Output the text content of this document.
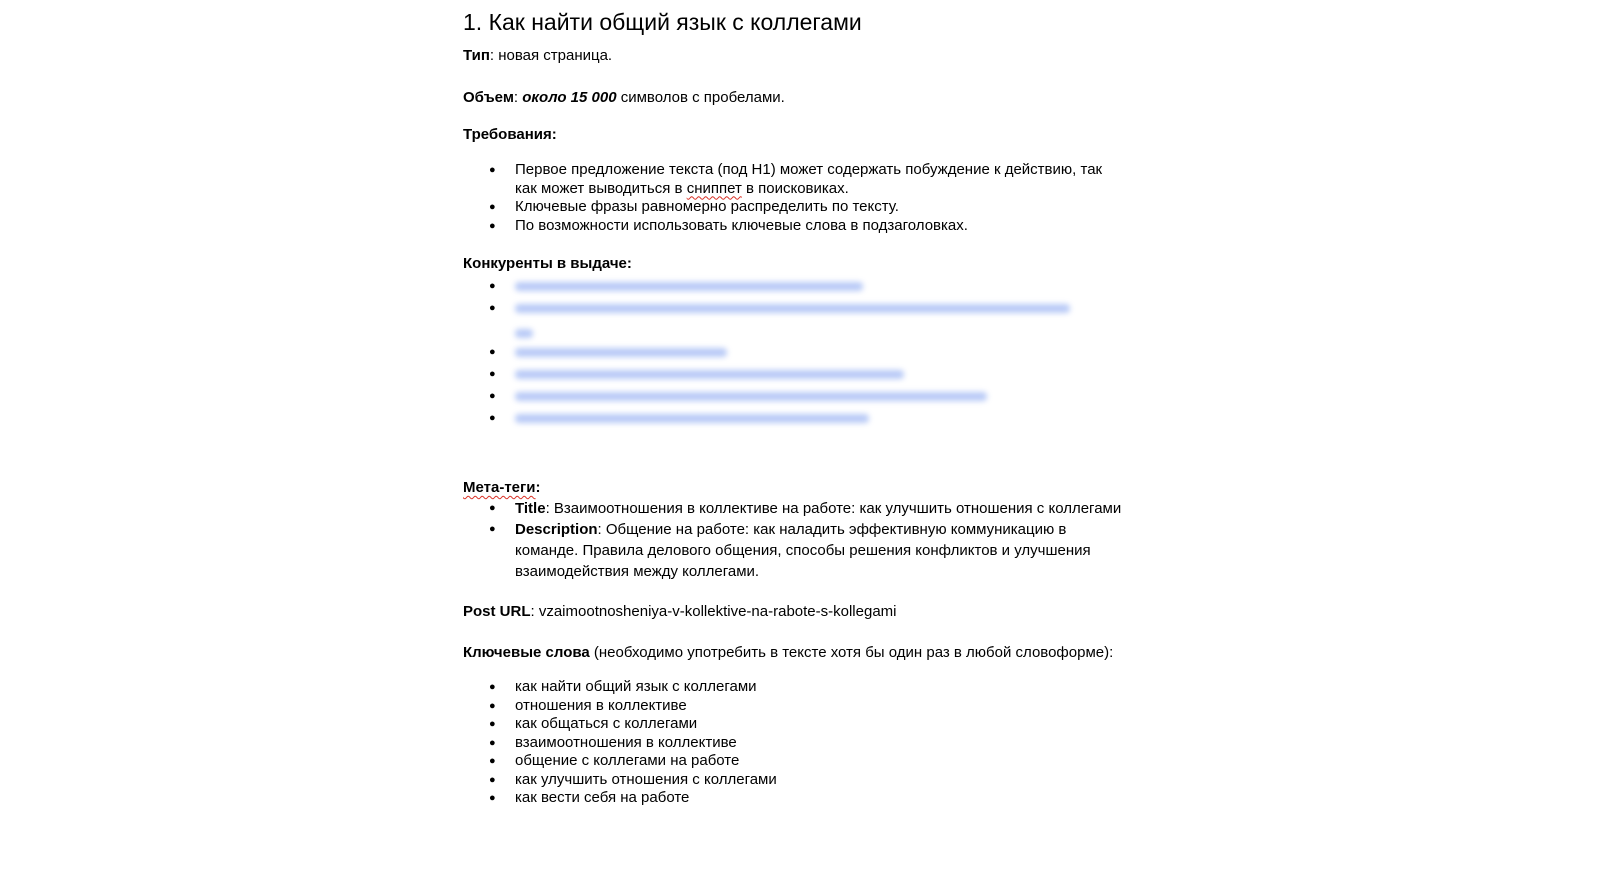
1. Как найти общий язык с коллегами

Тип: новая страница.

Объем: около 15 000 символов с пробелами.

Требования:

● Первое предложение текста (под H1) может содержать побуждение к действию, так как может выводиться в сниппет в поисковиках.
● Ключевые фразы равномерно распределить по тексту.
● По возможности использовать ключевые слова в подзаголовках.

Конкуренты в выдаче:

●
●
●
●
●
●

Мета-теги:

● Title: Взаимоотношения в коллективе на работе: как улучшить отношения с коллегами
● Description: Общение на работе: как наладить эффективную коммуникацию в команде. Правила делового общения, способы решения конфликтов и улучшения взаимодействия между коллегами.

Post URL: vzaimootnosheniya-v-kollektive-na-rabote-s-kollegami

Ключевые слова (необходимо употребить в тексте хотя бы один раз в любой словоформе):

● как найти общий язык с коллегами
● отношения в коллективе
● как общаться с коллегами
● взаимоотношения в коллективе
● общение с коллегами на работе
● как улучшить отношения с коллегами
● как вести себя на работе
